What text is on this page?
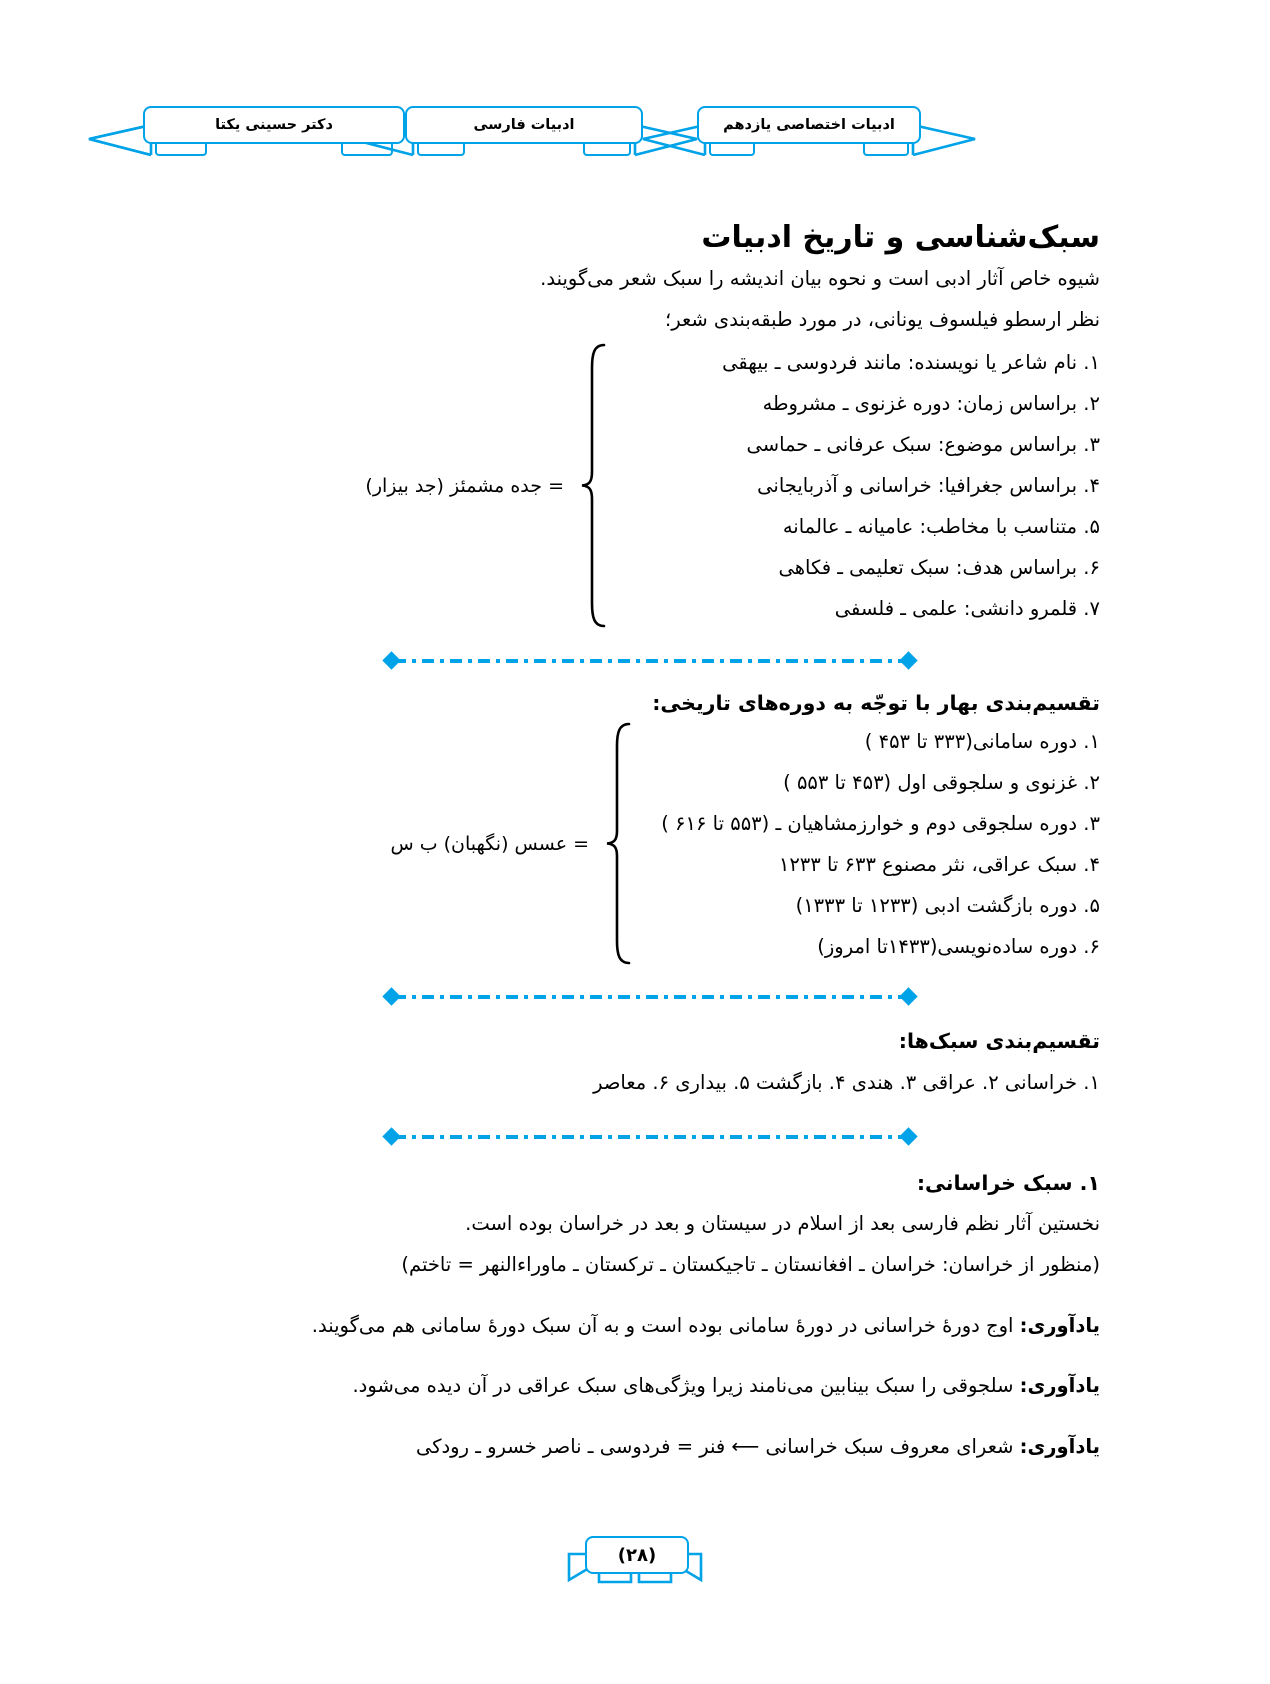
دکتر حسینی یکتا	ادبیات فارسی	ادبیات اختصاصی یازدهم
سبک‌شناسی و تاریخ ادبیات

شیوه خاص آثار ادبی است و نحوه بیان اندیشه را سبک شعر می‌گویند.

نظر ارسطو فیلسوف یونانی، در مورد طبقه‌بندی شعر؛

= جده مشمئز (جد بیزار)
۱. نام شاعر یا نویسنده: مانند فردوسی ـ بیهقی
۲. براساس زمان: دوره غزنوی ـ مشروطه
۳. براساس موضوع: سبک عرفانی ـ حماسی
۴. براساس جغرافیا: خراسانی و آذربایجانی
۵. متناسب با مخاطب: عامیانه ـ عالمانه
۶. براساس هدف: سبک تعلیمی ـ فکاهی
۷. قلمرو دانشی: علمی ـ فلسفی
تقسیم‌بندی بهار با توجّه به دوره‌های تاریخی:
= عسس (نگهبان) ب س
۱. دوره سامانی(۳۳۳ تا ۴۵۳ )
۲. غزنوی و سلجوقی اول (۴۵۳ تا ۵۵۳ )
۳. دوره سلجوقی دوم و خوارزمشاهیان ـ (۵۵۳ تا ۶۱۶ )
۴. سبک عراقی، نثر مصنوع ۶۳۳ تا ۱۲۳۳
۵. دوره بازگشت ادبی (۱۲۳۳ تا ۱۳۳۳)
۶. دوره ساده‌نویسی(۱۴۳۳تا امروز)
تقسیم‌بندی سبک‌ها:

۱. خراسانی ۲. عراقی ۳. هندی ۴. بازگشت ۵. بیداری ۶. معاصر

۱. سبک خراسانی:

نخستین آثار نظم فارسی بعد از اسلام در سیستان و بعد در خراسان بوده است.

(منظور از خراسان: خراسان ـ افغانستان ـ تاجیکستان ـ ترکستان ـ ماوراءالنهر = تاختم)

یادآوری: اوج دورهٔ خراسانی در دورهٔ سامانی بوده است و به آن سبک دورهٔ سامانی هم می‌گویند.

یادآوری: سلجوقی را سبک بینابین می‌نامند زیرا ویژگی‌های سبک عراقی در آن دیده می‌شود.

یادآوری: شعرای معروف سبک خراسانی ⟵ فنر = فردوسی ـ ناصر خسرو ـ رودکی

(۲۸)
